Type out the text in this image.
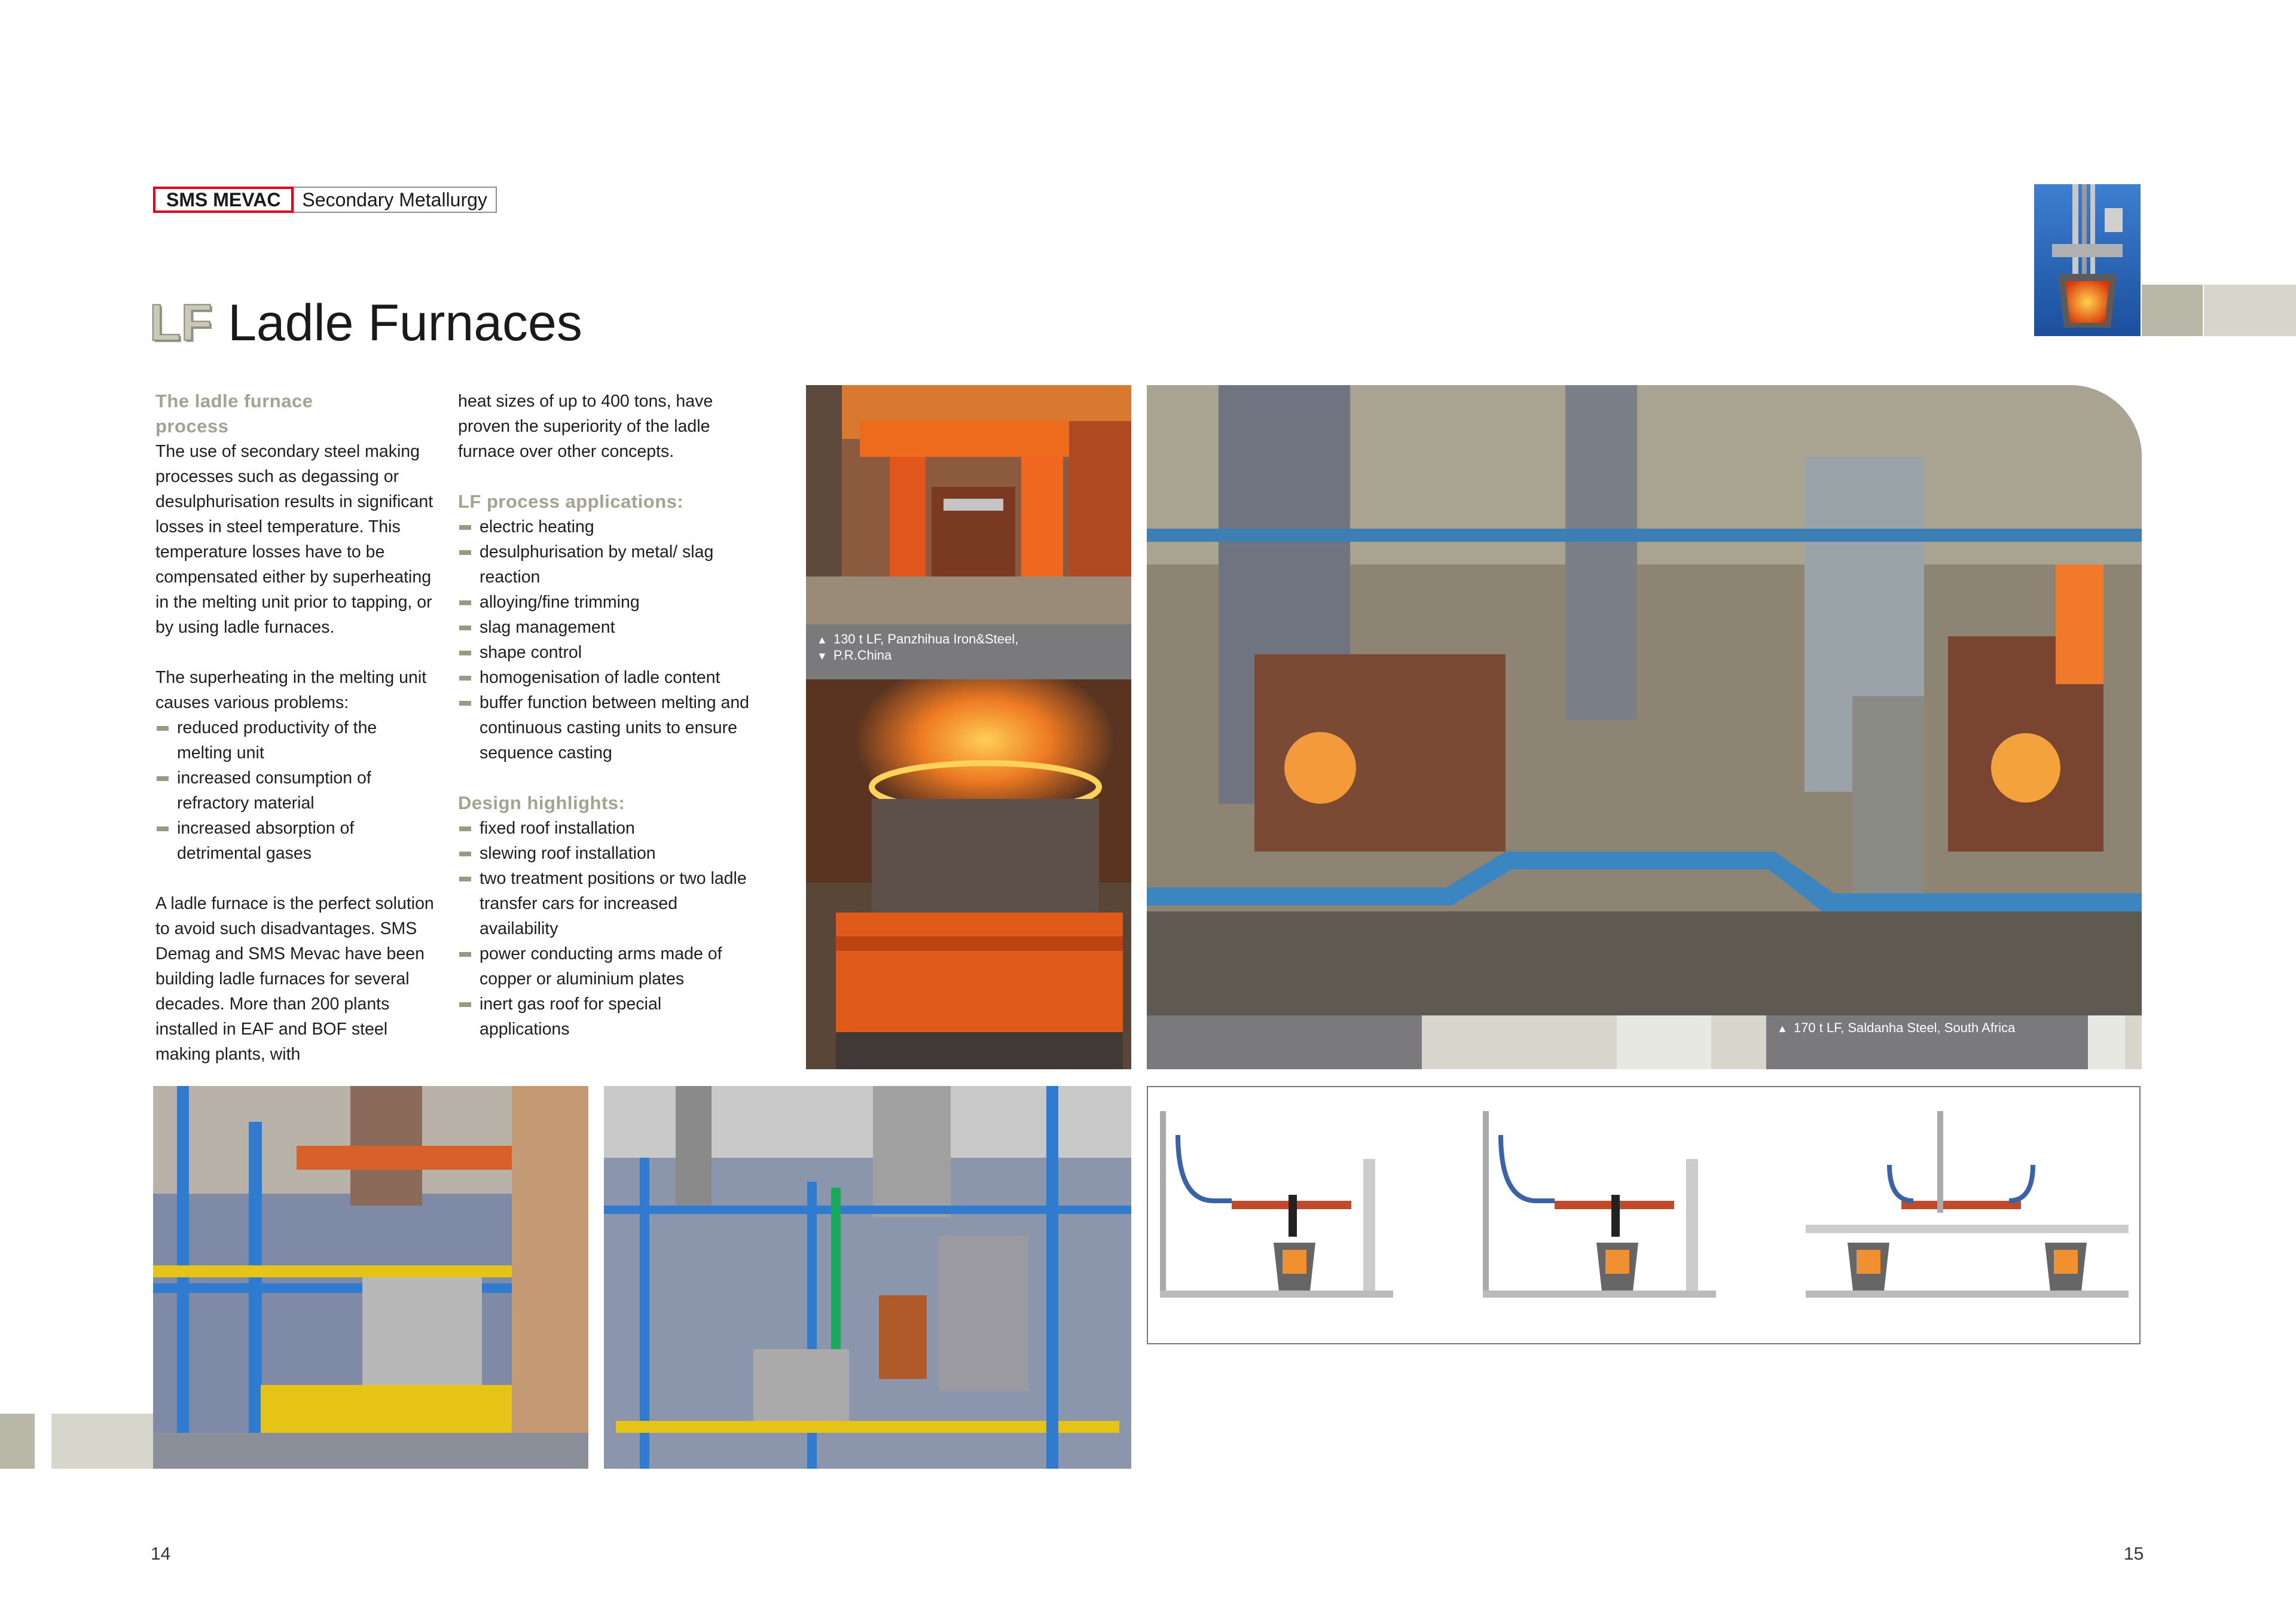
SMS MEVAC	Secondary Metallurgy
LF Ladle Furnaces
The ladle furnace
process

The use of secondary steel making processes such as degassing or desulphurisation results in significant losses in steel temperature. This temperature losses have to be compensated either by superheating in the melting unit prior to tapping, or by using ladle furnaces.

The superheating in the melting unit causes various problems:

reduced productivity of the melting unit
increased consumption of refractory material
increased absorption of detrimental gases

A ladle furnace is the perfect solution to avoid such disadvantages. SMS Demag and SMS Mevac have been building ladle furnaces for several decades. More than 200 plants installed in EAF and BOF steel making plants, with

heat sizes of up to 400 tons, have proven the superiority of the ladle furnace over other concepts.

LF process applications:
electric heating
desulphurisation by metal/ slag reaction
alloying/fine trimming
slag management
shape control
homogenisation of ladle content
buffer function between melting and continuous casting units to ensure sequence casting
Design highlights:
fixed roof installation
slewing roof installation
two treatment positions or two ladle transfer cars for increased availability
power conducting arms made of copper or aluminium plates
inert gas roof for special applications
▲ 130 t LF, Panzhihua Iron&Steel,
▼ P.R.China
▲ 170 t LF, Saldanha Steel, South Africa
14	15
